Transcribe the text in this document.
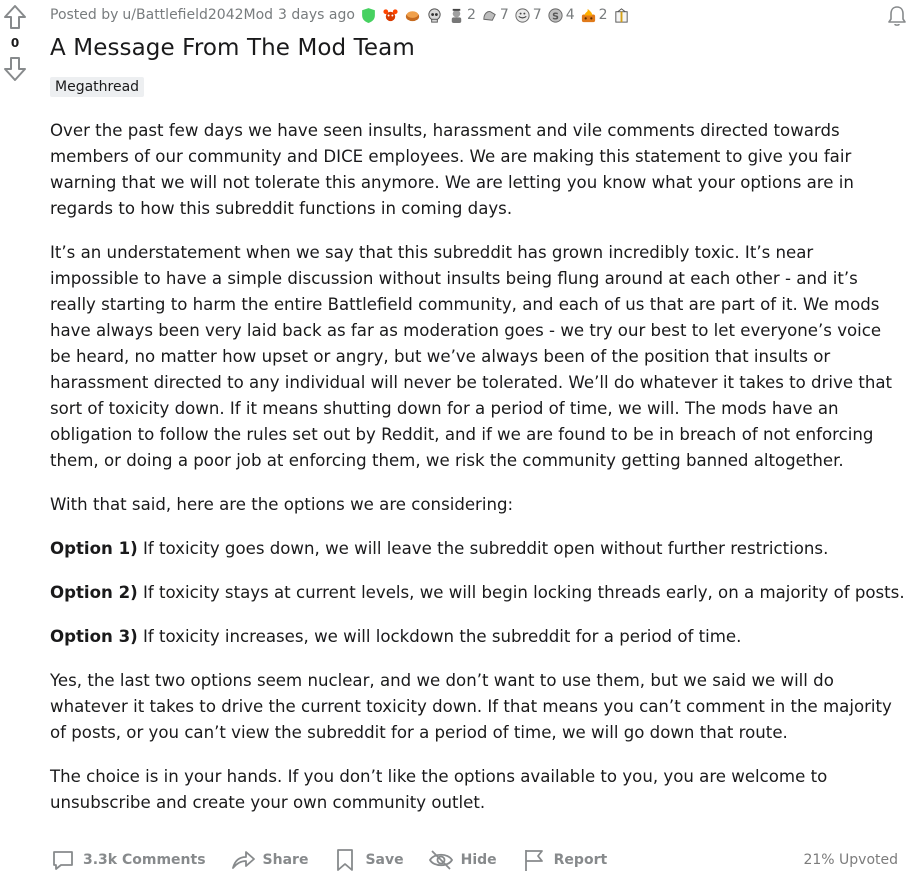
0
Posted by u/Battlefield2042Mod 3 days ago	2 7 7 S 4 2
A Message From The Mod Team
Megathread

Over the past few days we have seen insults, harassment and vile comments directed towards members of our community and DICE employees. We are making this statement to give you fair warning that we will not tolerate this anymore. We are letting you know what your options are in regards to how this subreddit functions in coming days.

It’s an understatement when we say that this subreddit has grown incredibly toxic. It’s near impossible to have a simple discussion without insults being flung around at each other - and it’s really starting to harm the entire Battlefield community, and each of us that are part of it. We mods have always been very laid back as far as moderation goes - we try our best to let everyone’s voice be heard, no matter how upset or angry, but we’ve always been of the position that insults or harassment directed to any individual will never be tolerated. We’ll do whatever it takes to drive that sort of toxicity down. If it means shutting down for a period of time, we will. The mods have an obligation to follow the rules set out by Reddit, and if we are found to be in breach of not enforcing them, or doing a poor job at enforcing them, we risk the community getting banned altogether.

With that said, here are the options we are considering:

Option 1) If toxicity goes down, we will leave the subreddit open without further restrictions.

Option 2) If toxicity stays at current levels, we will begin locking threads early, on a majority of posts.

Option 3) If toxicity increases, we will lockdown the subreddit for a period of time.

Yes, the last two options seem nuclear, and we don’t want to use them, but we said we will do whatever it takes to drive the current toxicity down. If that means you can’t comment in the majority of posts, or you can’t view the subreddit for a period of time, we will go down that route.

The choice is in your hands. If you don’t like the options available to you, you are welcome to unsubscribe and create your own community outlet.

3.3k Comments	Share	Save	Hide	Report	21% Upvoted
